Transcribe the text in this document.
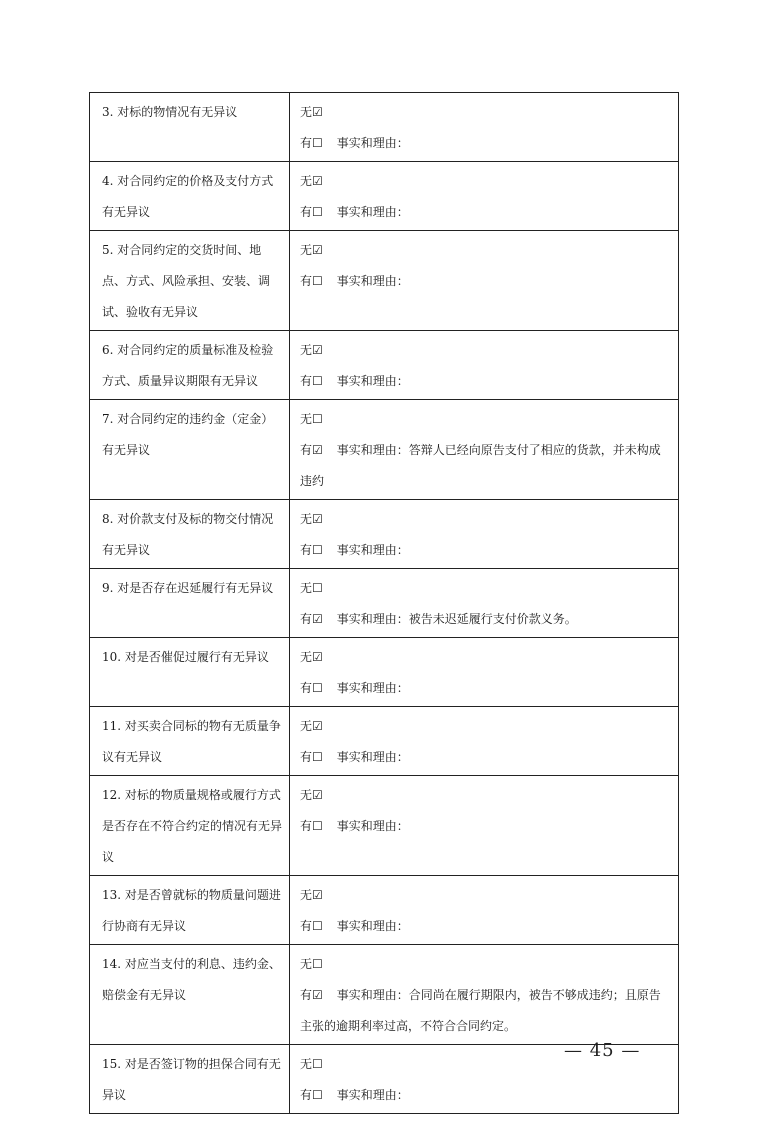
3. 对标的物情况有无异议	无☑
有☐ 事实和理由：

4. 对合同约定的价格及支付方式有无异议	无☑
有☐ 事实和理由：

5. 对合同约定的交货时间、地点、方式、风险承担、安装、调试、验收有无异议	无☑
有☐ 事实和理由：

6. 对合同约定的质量标准及检验方式、质量异议期限有无异议	无☑
有☐ 事实和理由：

7. 对合同约定的违约金（定金）有无异议	无☐
有☑ 事实和理由：答辩人已经向原告支付了相应的货款，并未构成违约

8. 对价款支付及标的物交付情况有无异议	无☑
有☐ 事实和理由：

9. 对是否存在迟延履行有无异议	无☐
有☑ 事实和理由：被告未迟延履行支付价款义务。

10. 对是否催促过履行有无异议	无☑
有☐ 事实和理由：

11. 对买卖合同标的物有无质量争议有无异议	无☑
有☐ 事实和理由：

12. 对标的物质量规格或履行方式是否存在不符合约定的情况有无异议	无☑
有☐ 事实和理由：

13. 对是否曾就标的物质量问题进行协商有无异议	无☑
有☐ 事实和理由：

14. 对应当支付的利息、违约金、赔偿金有无异议	无☐
有☑ 事实和理由：合同尚在履行期限内，被告不够成违约；且原告主张的逾期利率过高，不符合合同约定。

15. 对是否签订物的担保合同有无异议	无☐
有☐ 事实和理由：
— 45 —
